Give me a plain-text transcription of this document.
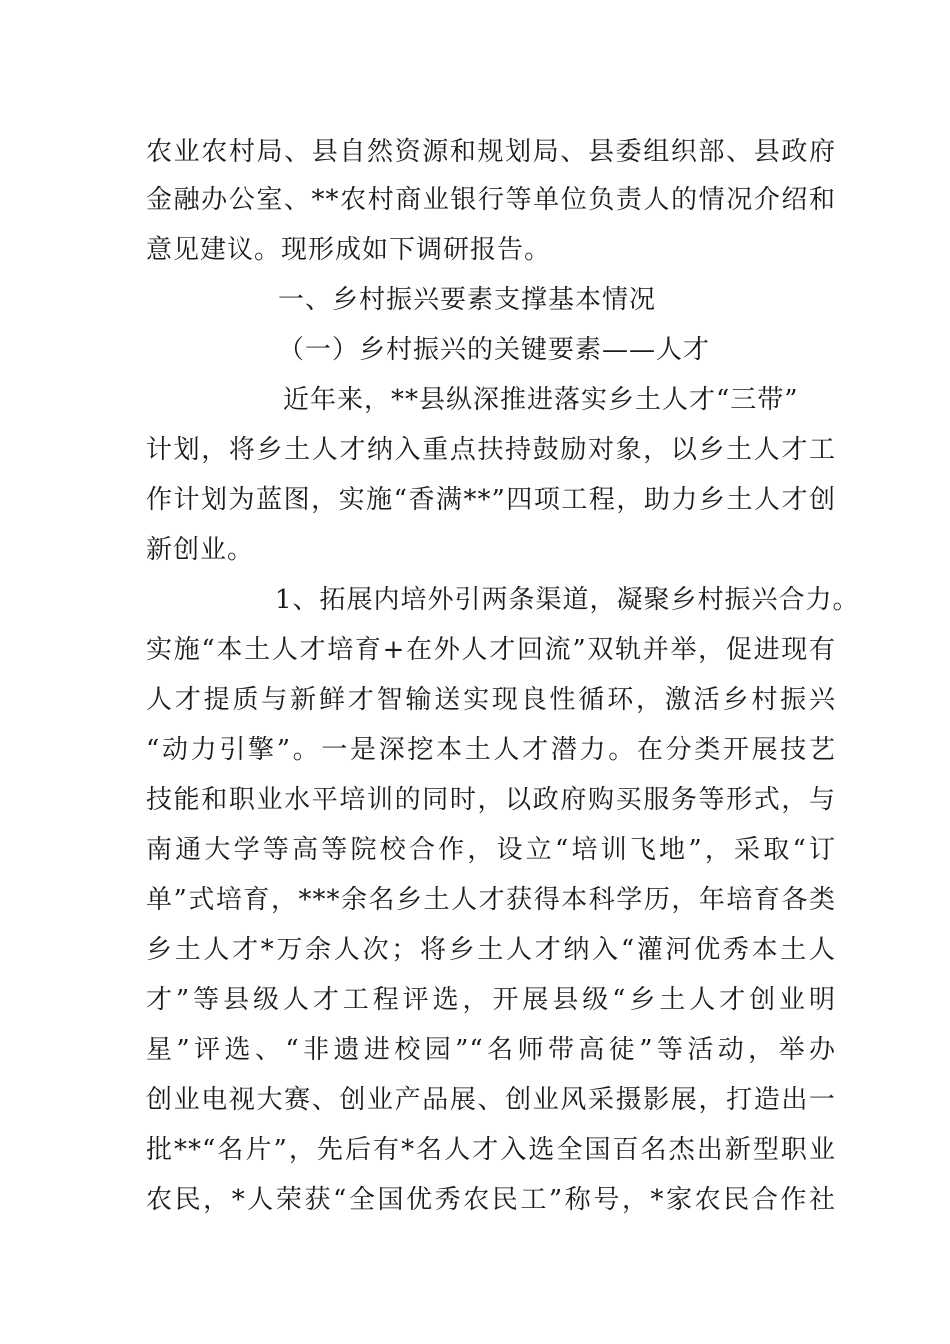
农业农村局、县自然资源和规划局、县委组织部、县政府
金融办公室、**农村商业银行等单位负责人的情况介绍和
意见建议。现形成如下调研报告。
一、乡村振兴要素支撑基本情况
（一）乡村振兴的关键要素——人才
近年来，**县纵深推进落实乡土人才“三带”
计划，将乡土人才纳入重点扶持鼓励对象，以乡土人才工
作计划为蓝图，实施“香满**”四项工程，助力乡土人才创
新创业。
1、拓展内培外引两条渠道，凝聚乡村振兴合力。
实施“本土人才培育+在外人才回流”双轨并举，促进现有
人才提质与新鲜才智输送实现良性循环，激活乡村振兴
“动力引擎”。一是深挖本土人才潜力。在分类开展技艺
技能和职业水平培训的同时，以政府购买服务等形式，与
南通大学等高等院校合作，设立“培训飞地”，采取“订
单”式培育，***余名乡土人才获得本科学历，年培育各类
乡土人才*万余人次；将乡土人才纳入“灌河优秀本土人
才”等县级人才工程评选，开展县级“乡土人才创业明
星”评选、“非遗进校园”“名师带高徒”等活动，举办
创业电视大赛、创业产品展、创业风采摄影展，打造出一
批**“名片”，先后有*名人才入选全国百名杰出新型职业
农民，*人荣获“全国优秀农民工”称号，*家农民合作社
